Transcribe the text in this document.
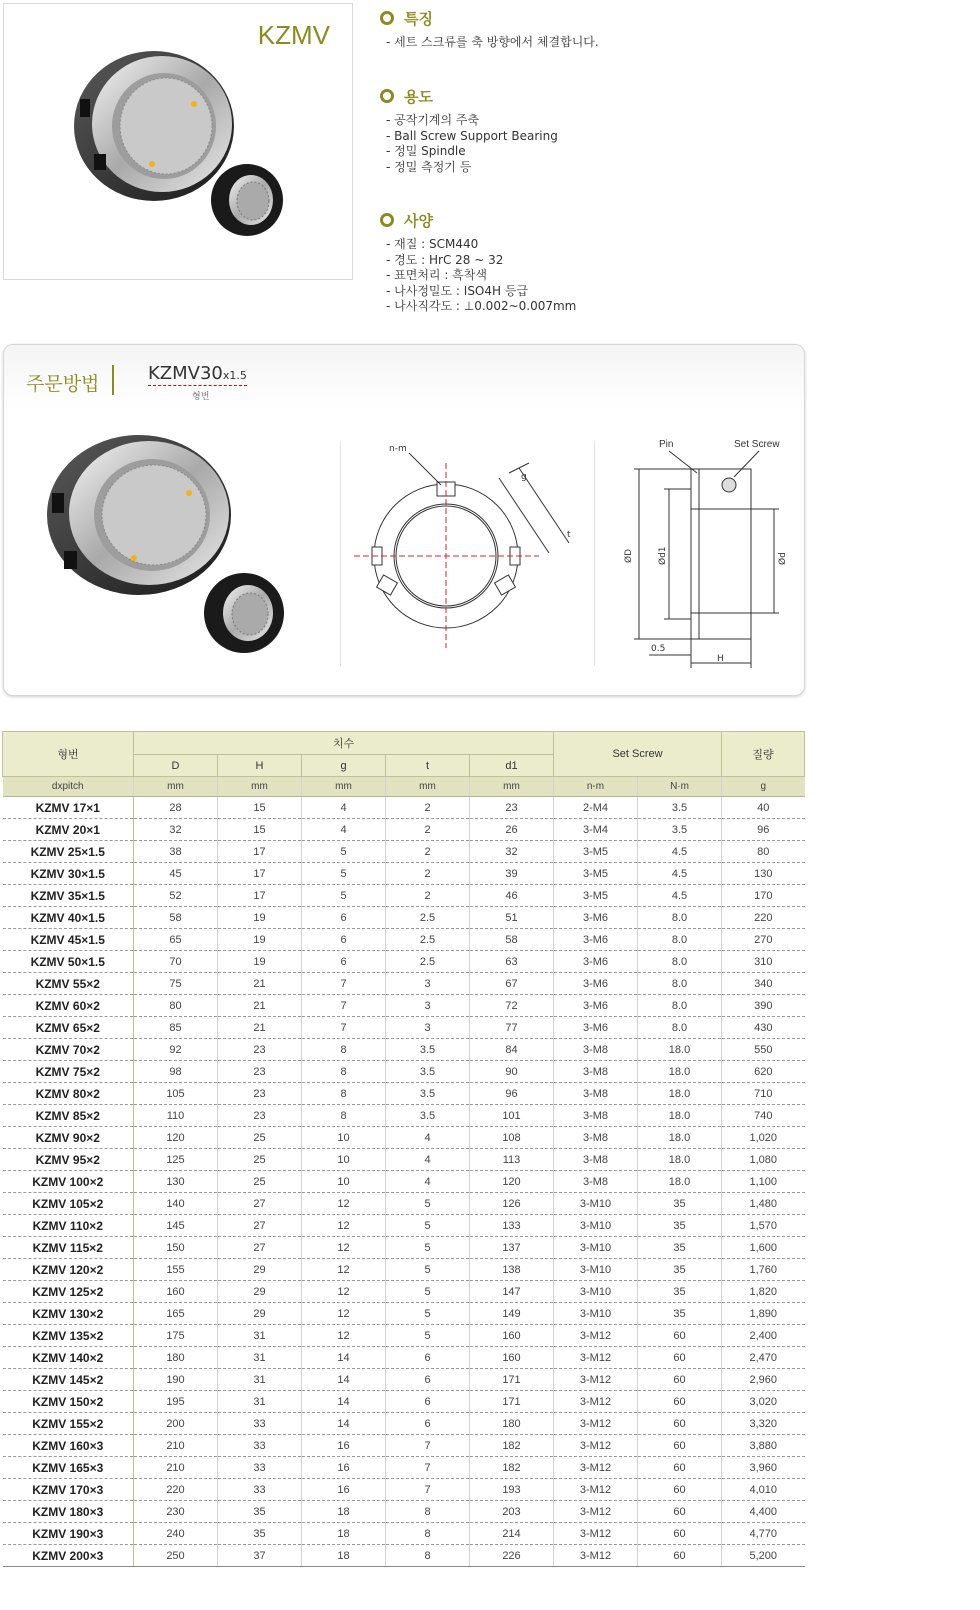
KZMV
특징
- 세트 스크류를 축 방향에서 체결합니다.
용도
- 공작기계의 주축
- Ball Screw Support Bearing
- 정밀 Spindle
- 정밀 측정기 등
사양
- 재질 : SCM440
- 경도 : HrC 28 ~ 32
- 표면처리 : 흑착색
- 나사정밀도 : ISO4H 등급
- 나사직각도 : ⊥0.002~0.007mm
주문방법	KZMV30x1.5
형번
n-m
g
t
Pin	Set Screw
ØD	Ød1	Ød
0.5
H
형번	치수					Set Screw		질량
	D	H	g	t	d1			
dxpitch	mm	mm	mm	mm	mm	n-m	N·m	g
KZMV 17×1	28	15	4	2	23	2-M4	3.5	40
KZMV 20×1	32	15	4	2	26	3-M4	3.5	96
KZMV 25×1.5	38	17	5	2	32	3-M5	4.5	80
KZMV 30×1.5	45	17	5	2	39	3-M5	4.5	130
KZMV 35×1.5	52	17	5	2	46	3-M5	4.5	170
KZMV 40×1.5	58	19	6	2.5	51	3-M6	8.0	220
KZMV 45×1.5	65	19	6	2.5	58	3-M6	8.0	270
KZMV 50×1.5	70	19	6	2.5	63	3-M6	8.0	310
KZMV 55×2	75	21	7	3	67	3-M6	8.0	340
KZMV 60×2	80	21	7	3	72	3-M6	8.0	390
KZMV 65×2	85	21	7	3	77	3-M6	8.0	430
KZMV 70×2	92	23	8	3.5	84	3-M8	18.0	550
KZMV 75×2	98	23	8	3.5	90	3-M8	18.0	620
KZMV 80×2	105	23	8	3.5	96	3-M8	18.0	710
KZMV 85×2	110	23	8	3.5	101	3-M8	18.0	740
KZMV 90×2	120	25	10	4	108	3-M8	18.0	1,020
KZMV 95×2	125	25	10	4	113	3-M8	18.0	1,080
KZMV 100×2	130	25	10	4	120	3-M8	18.0	1,100
KZMV 105×2	140	27	12	5	126	3-M10	35	1,480
KZMV 110×2	145	27	12	5	133	3-M10	35	1,570
KZMV 115×2	150	27	12	5	137	3-M10	35	1,600
KZMV 120×2	155	29	12	5	138	3-M10	35	1,760
KZMV 125×2	160	29	12	5	147	3-M10	35	1,820
KZMV 130×2	165	29	12	5	149	3-M10	35	1,890
KZMV 135×2	175	31	12	5	160	3-M12	60	2,400
KZMV 140×2	180	31	14	6	160	3-M12	60	2,470
KZMV 145×2	190	31	14	6	171	3-M12	60	2,960
KZMV 150×2	195	31	14	6	171	3-M12	60	3,020
KZMV 155×2	200	33	14	6	180	3-M12	60	3,320
KZMV 160×3	210	33	16	7	182	3-M12	60	3,880
KZMV 165×3	210	33	16	7	182	3-M12	60	3,960
KZMV 170×3	220	33	16	7	193	3-M12	60	4,010
KZMV 180×3	230	35	18	8	203	3-M12	60	4,400
KZMV 190×3	240	35	18	8	214	3-M12	60	4,770
KZMV 200×3	250	37	18	8	226	3-M12	60	5,200
